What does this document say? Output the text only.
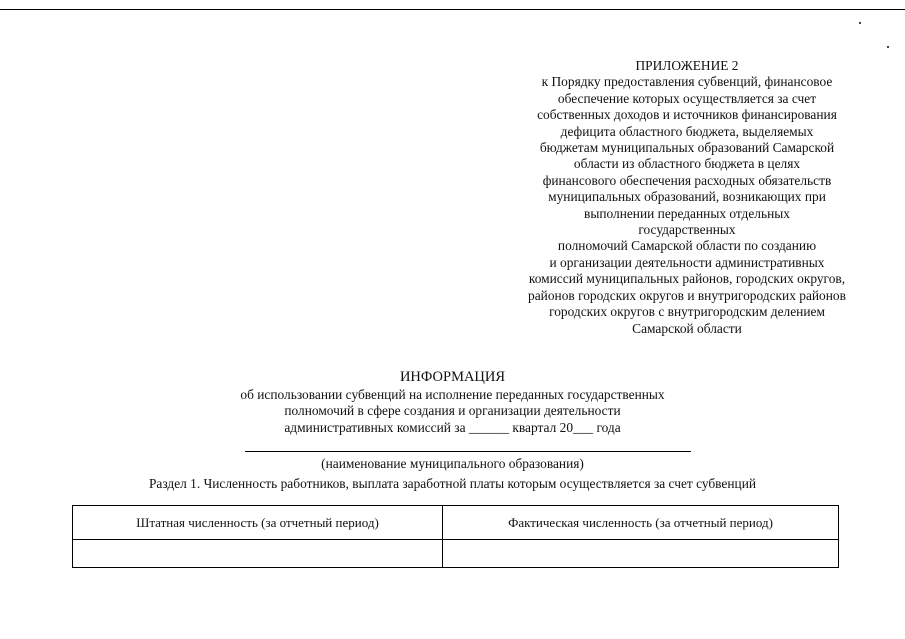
ПРИЛОЖЕНИЕ 2
к Порядку предоставления субвенций, финансовое
обеспечение которых осуществляется за счет
собственных доходов и источников финансирования
дефицита областного бюджета, выделяемых
бюджетам муниципальных образований Самарской
области из областного бюджета в целях
финансового обеспечения расходных обязательств
муниципальных образований, возникающих при
выполнении переданных отдельных
государственных
полномочий Самарской области по созданию
и организации деятельности административных
комиссий муниципальных районов, городских округов,
районов городских округов и внутригородских районов
городских округов с внутригородским делением
Самарской области
ИНФОРМАЦИЯ
об использовании субвенций на исполнение переданных государственных
полномочий в сфере создания и организации деятельности
административных комиссий за ______ квартал 20___ года
(наименование муниципального образования)
Раздел 1. Численность работников, выплата заработной платы которым осуществляется за счет субвенций
Штатная численность (за отчетный период)	Фактическая численность (за отчетный период)
